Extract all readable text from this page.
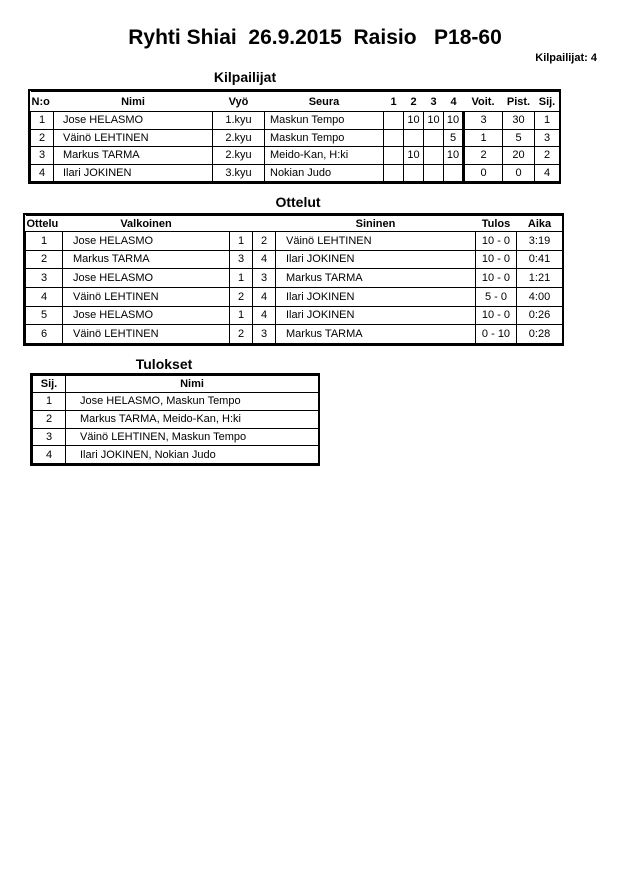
Ryhti Shiai  26.9.2015  Raisio   P18-60
Kilpailijat: 4
Kilpailijat
N:o	Nimi	Vyö	Seura	1	2	3	4	Voit.	Pist.	Sij.
1	Jose HELASMO	1.kyu	Maskun Tempo		10	10	10	3	30	1
2	Väinö LEHTINEN	2.kyu	Maskun Tempo				5	1	5	3
3	Markus TARMA	2.kyu	Meido-Kan, H:ki		10		10	2	20	2
4	Ilari JOKINEN	3.kyu	Nokian Judo					0	0	4
Ottelut
Ottelu	Valkoinen			Sininen	Tulos	Aika
1	Jose HELASMO	1	2	Väinö LEHTINEN	10 - 0	3:19
2	Markus TARMA	3	4	Ilari JOKINEN	10 - 0	0:41
3	Jose HELASMO	1	3	Markus TARMA	10 - 0	1:21
4	Väinö LEHTINEN	2	4	Ilari JOKINEN	5 - 0	4:00
5	Jose HELASMO	1	4	Ilari JOKINEN	10 - 0	0:26
6	Väinö LEHTINEN	2	3	Markus TARMA	0 - 10	0:28
Tulokset
Sij.	Nimi
1	Jose HELASMO, Maskun Tempo
2	Markus TARMA, Meido-Kan, H:ki
3	Väinö LEHTINEN, Maskun Tempo
4	Ilari JOKINEN, Nokian Judo
